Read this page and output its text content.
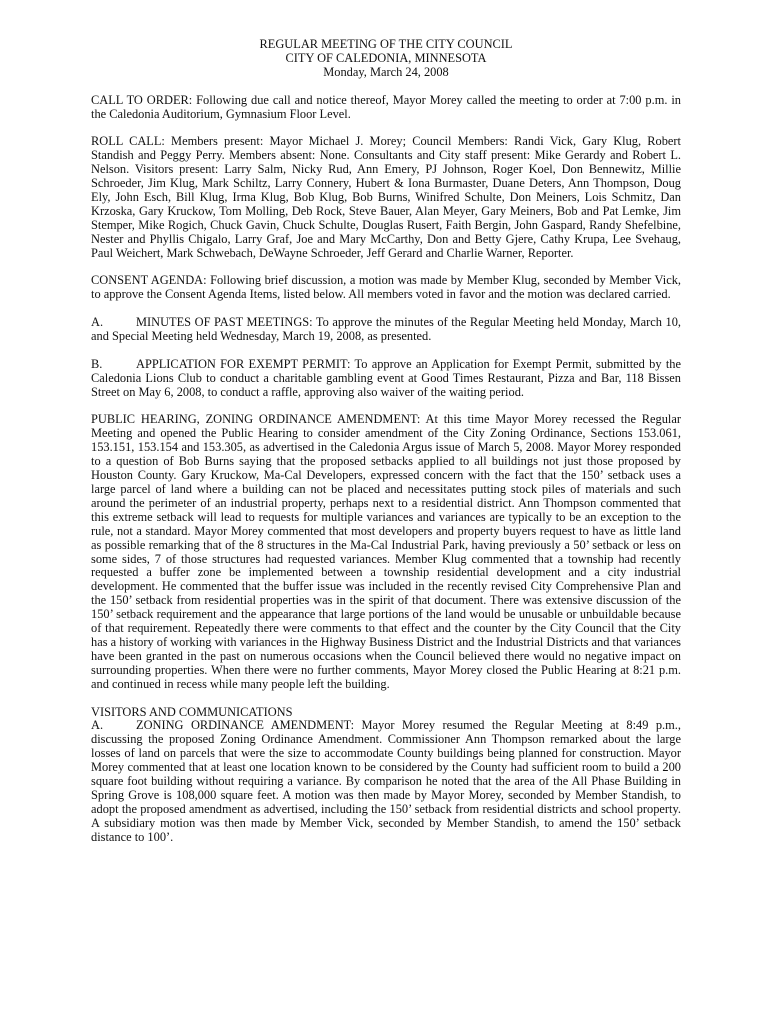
REGULAR MEETING OF THE CITY COUNCIL
CITY OF CALEDONIA, MINNESOTA
Monday, March 24, 2008

CALL TO ORDER: Following due call and notice thereof, Mayor Morey called the meeting to order at 7:00 p.m. in the Caledonia Auditorium, Gymnasium Floor Level.

ROLL CALL: Members present: Mayor Michael J. Morey; Council Members: Randi Vick, Gary Klug, Robert Standish and Peggy Perry. Members absent: None. Consultants and City staff present: Mike Gerardy and Robert L. Nelson. Visitors present: Larry Salm, Nicky Rud, Ann Emery, PJ Johnson, Roger Koel, Don Bennewitz, Millie Schroeder, Jim Klug, Mark Schiltz, Larry Connery, Hubert & Iona Burmaster, Duane Deters, Ann Thompson, Doug Ely, John Esch, Bill Klug, Irma Klug, Bob Klug, Bob Burns, Winifred Schulte, Don Meiners, Lois Schmitz, Dan Krzoska, Gary Kruckow, Tom Molling, Deb Rock, Steve Bauer, Alan Meyer, Gary Meiners, Bob and Pat Lemke, Jim Stemper, Mike Rogich, Chuck Gavin, Chuck Schulte, Douglas Rusert, Faith Bergin, John Gaspard, Randy Shefelbine, Nester and Phyllis Chigalo, Larry Graf, Joe and Mary McCarthy, Don and Betty Gjere, Cathy Krupa, Lee Svehaug, Paul Weichert, Mark Schwebach, DeWayne Schroeder, Jeff Gerard and Charlie Warner, Reporter.

CONSENT AGENDA: Following brief discussion, a motion was made by Member Klug, seconded by Member Vick, to approve the Consent Agenda Items, listed below. All members voted in favor and the motion was declared carried.

A.	MINUTES OF PAST MEETINGS: To approve the minutes of the Regular Meeting held Monday, March 10, and Special Meeting held Wednesday, March 19, 2008, as presented.

B.	APPLICATION FOR EXEMPT PERMIT: To approve an Application for Exempt Permit, submitted by the Caledonia Lions Club to conduct a charitable gambling event at Good Times Restaurant, Pizza and Bar, 118 Bissen Street on May 6, 2008, to conduct a raffle, approving also waiver of the waiting period.

PUBLIC HEARING, ZONING ORDINANCE AMENDMENT: At this time Mayor Morey recessed the Regular Meeting and opened the Public Hearing to consider amendment of the City Zoning Ordinance, Sections 153.061, 153.151, 153.154 and 153.305, as advertised in the Caledonia Argus issue of March 5, 2008. Mayor Morey responded to a question of Bob Burns saying that the proposed setbacks applied to all buildings not just those proposed by Houston County. Gary Kruckow, Ma-Cal Developers, expressed concern with the fact that the 150’ setback uses a large parcel of land where a building can not be placed and necessitates putting stock piles of materials and such around the perimeter of an industrial property, perhaps next to a residential district. Ann Thompson commented that this extreme setback will lead to requests for multiple variances and variances are typically to be an exception to the rule, not a standard. Mayor Morey commented that most developers and property buyers request to have as little land as possible remarking that of the 8 structures in the Ma-Cal Industrial Park, having previously a 50’ setback or less on some sides, 7 of those structures had requested variances. Member Klug commented that a township had recently requested a buffer zone be implemented between a township residential development and a city industrial development. He commented that the buffer issue was included in the recently revised City Comprehensive Plan and the 150’ setback from residential properties was in the spirit of that document. There was extensive discussion of the 150’ setback requirement and the appearance that large portions of the land would be unusable or unbuildable because of that requirement. Repeatedly there were comments to that effect and the counter by the City Council that the City has a history of working with variances in the Highway Business District and the Industrial Districts and that variances have been granted in the past on numerous occasions when the Council believed there would no negative impact on surrounding properties. When there were no further comments, Mayor Morey closed the Public Hearing at 8:21 p.m. and continued in recess while many people left the building.

VISITORS AND COMMUNICATIONS
A.	ZONING ORDINANCE AMENDMENT: Mayor Morey resumed the Regular Meeting at 8:49 p.m., discussing the proposed Zoning Ordinance Amendment. Commissioner Ann Thompson remarked about the large losses of land on parcels that were the size to accommodate County buildings being planned for construction. Mayor Morey commented that at least one location known to be considered by the County had sufficient room to build a 200 square foot building without requiring a variance. By comparison he noted that the area of the All Phase Building in Spring Grove is 108,000 square feet. A motion was then made by Mayor Morey, seconded by Member Standish, to adopt the proposed amendment as advertised, including the 150’ setback from residential districts and school property. A subsidiary motion was then made by Member Vick, seconded by Member Standish, to amend the 150’ setback distance to 100’.
